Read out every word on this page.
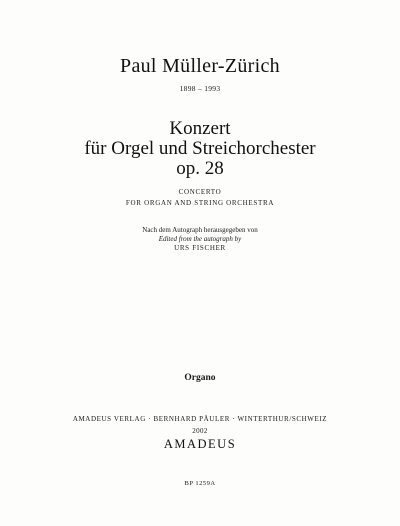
Paul Müller-Zürich
1898 – 1993
Konzert
für Orgel und Streichorchester
op. 28
CONCERTO
FOR ORGAN AND STRING ORCHESTRA
Nach dem Autograph herausgegeben von
Edited from the autograph by
URS FISCHER
Organo
AMADEUS VERLAG · BERNHARD PÄULER · WINTERTHUR/SCHWEIZ
2002
AMADEUS
BP 1259A
